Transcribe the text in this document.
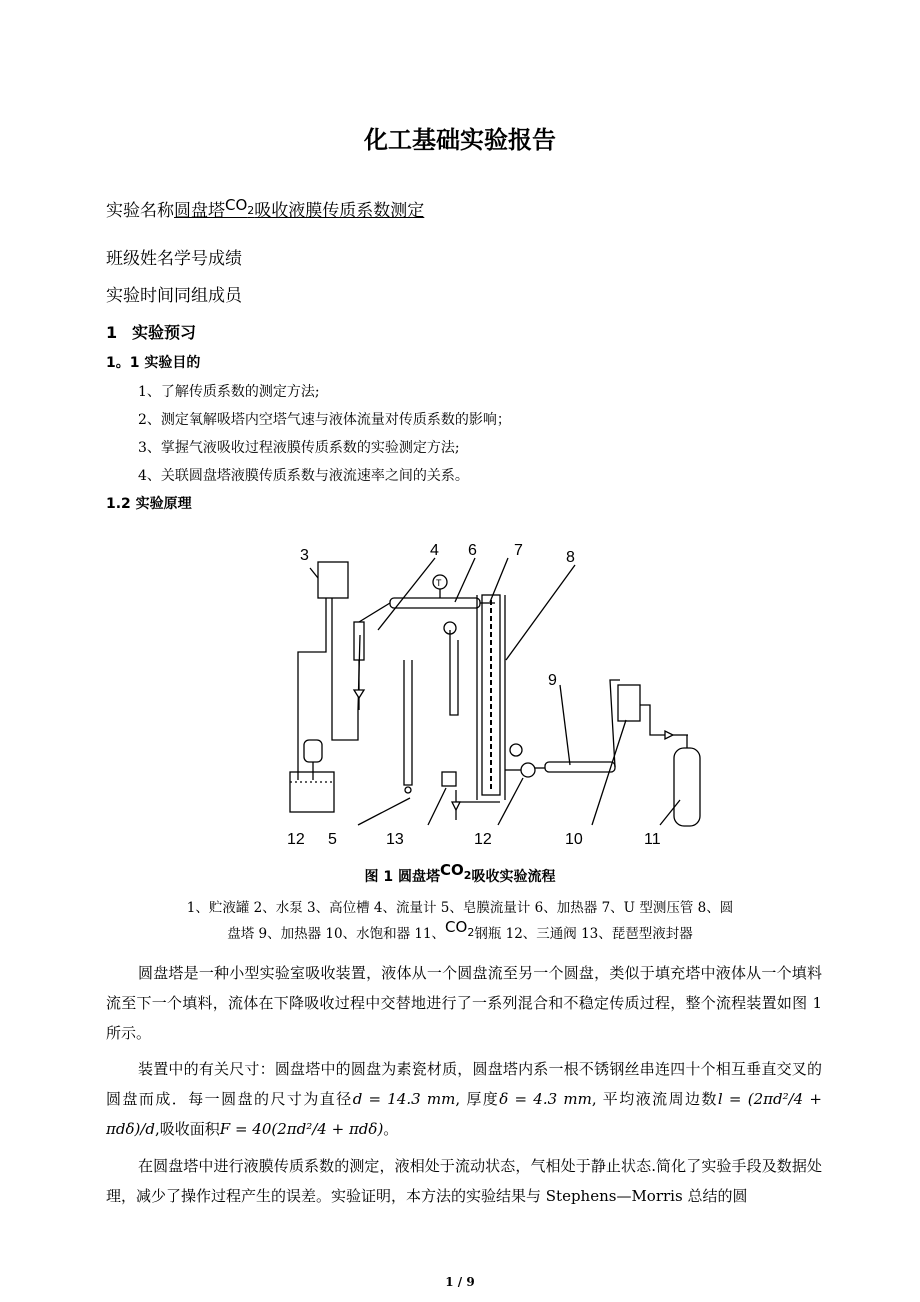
化工基础实验报告
实验名称圆盘塔$CO_2$吸收液膜传质系数测定
班级姓名学号成绩
实验时间同组成员
1 实验预习
1。1 实验目的
1、了解传质系数的测定方法;
2、测定氧解吸塔内空塔气速与液体流量对传质系数的影响；
3、掌握气液吸收过程液膜传质系数的实验测定方法;
4、关联圆盘塔液膜传质系数与液流速率之间的关系。
1.2 实验原理
3	4 6 7	8
9
12 5	13	12	10	11
T
图 1 圆盘塔$CO_2$吸收实验流程
1、贮液罐 2、水泵 3、高位槽 4、流量计 5、皂膜流量计 6、加热器 7、U 型测压管 8、圆
盘塔 9、加热器 10、水饱和器 11、$CO_2$钢瓶 12、三通阀 13、琵琶型液封器

圆盘塔是一种小型实验室吸收装置，液体从一个圆盘流至另一个圆盘，类似于填充塔中液体从一个填料流至下一个填料，流体在下降吸收过程中交替地进行了一系列混合和不稳定传质过程，整个流程装置如图 1 所示。

装置中的有关尺寸：圆盘塔中的圆盘为素瓷材质，圆盘塔内系一根不锈钢丝串连四十个相互垂直交叉的圆盘而成．每一圆盘的尺寸为直径d = 14.3 mm, 厚度δ = 4.3 mm, 平均液流周边数l = (2πd²/4 + πdδ)/d,吸收面积F = 40(2πd²/4 + πdδ)。

在圆盘塔中进行液膜传质系数的测定，液相处于流动状态，气相处于静止状态.简化了实验手段及数据处理，减少了操作过程产生的误差。实验证明，本方法的实验结果与 Stephens—Morris 总结的圆

1 / 9
